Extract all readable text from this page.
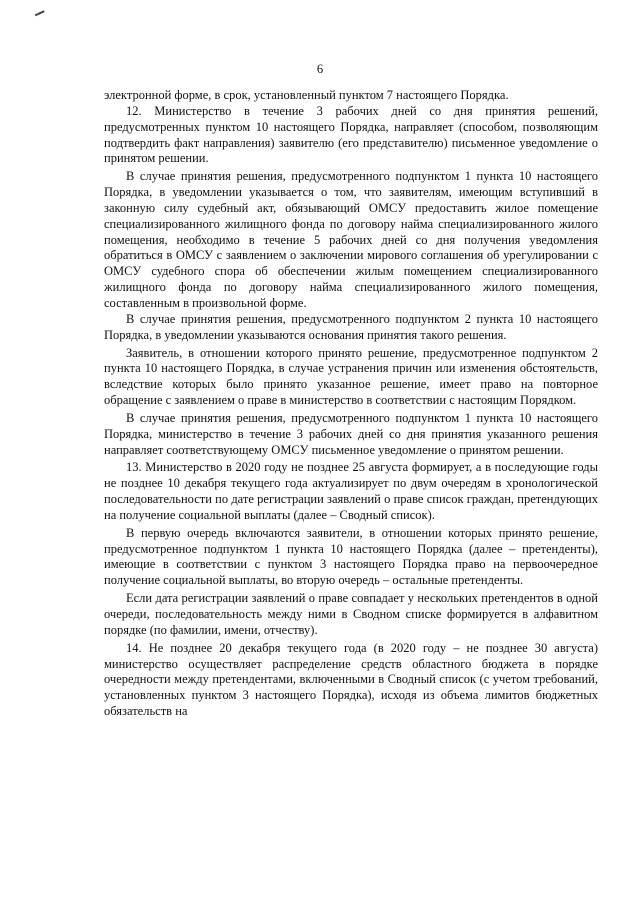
6

электронной форме, в срок, установленный пунктом 7 настоящего Порядка.

12. Министерство в течение 3 рабочих дней со дня принятия решений, предусмотренных пунктом 10 настоящего Порядка, направляет (способом, позволяющим подтвердить факт направления) заявителю (его представителю) письменное уведомление о принятом решении.

В случае принятия решения, предусмотренного подпунктом 1 пункта 10 настоящего Порядка, в уведомлении указывается о том, что заявителям, имеющим вступивший в законную силу судебный акт, обязывающий ОМСУ предоставить жилое помещение специализированного жилищного фонда по договору найма специализированного жилого помещения, необходимо в течение 5 рабочих дней со дня получения уведомления обратиться в ОМСУ с заявлением о заключении мирового соглашения об урегулировании с ОМСУ судебного спора об обеспечении жилым помещением специализированного жилищного фонда по договору найма специализированного жилого помещения, составленным в произвольной форме.

В случае принятия решения, предусмотренного подпунктом 2 пункта 10 настоящего Порядка, в уведомлении указываются основания принятия такого решения.

Заявитель, в отношении которого принято решение, предусмотренное подпунктом 2 пункта 10 настоящего Порядка, в случае устранения причин или изменения обстоятельств, вследствие которых было принято указанное решение, имеет право на повторное обращение с заявлением о праве в министерство в соответствии с настоящим Порядком.

В случае принятия решения, предусмотренного подпунктом 1 пункта 10 настоящего Порядка, министерство в течение 3 рабочих дней со дня принятия указанного решения направляет соответствующему ОМСУ письменное уведомление о принятом решении.

13. Министерство в 2020 году не позднее 25 августа формирует, а в последующие годы не позднее 10 декабря текущего года актуализирует по двум очередям в хронологической последовательности по дате регистрации заявлений о праве список граждан, претендующих на получение социальной выплаты (далее – Сводный список).

В первую очередь включаются заявители, в отношении которых принято решение, предусмотренное подпунктом 1 пункта 10 настоящего Порядка (далее – претенденты), имеющие в соответствии с пунктом 3 настоящего Порядка право на первоочередное получение социальной выплаты, во вторую очередь – остальные претенденты.

Если дата регистрации заявлений о праве совпадает у нескольких претендентов в одной очереди, последовательность между ними в Сводном списке формируется в алфавитном порядке (по фамилии, имени, отчеству).

14. Не позднее 20 декабря текущего года (в 2020 году – не позднее 30 августа) министерство осуществляет распределение средств областного бюджета в порядке очередности между претендентами, включенными в Сводный список (с учетом требований, установленных пунктом 3 настоящего Порядка), исходя из объема лимитов бюджетных обязательств на
